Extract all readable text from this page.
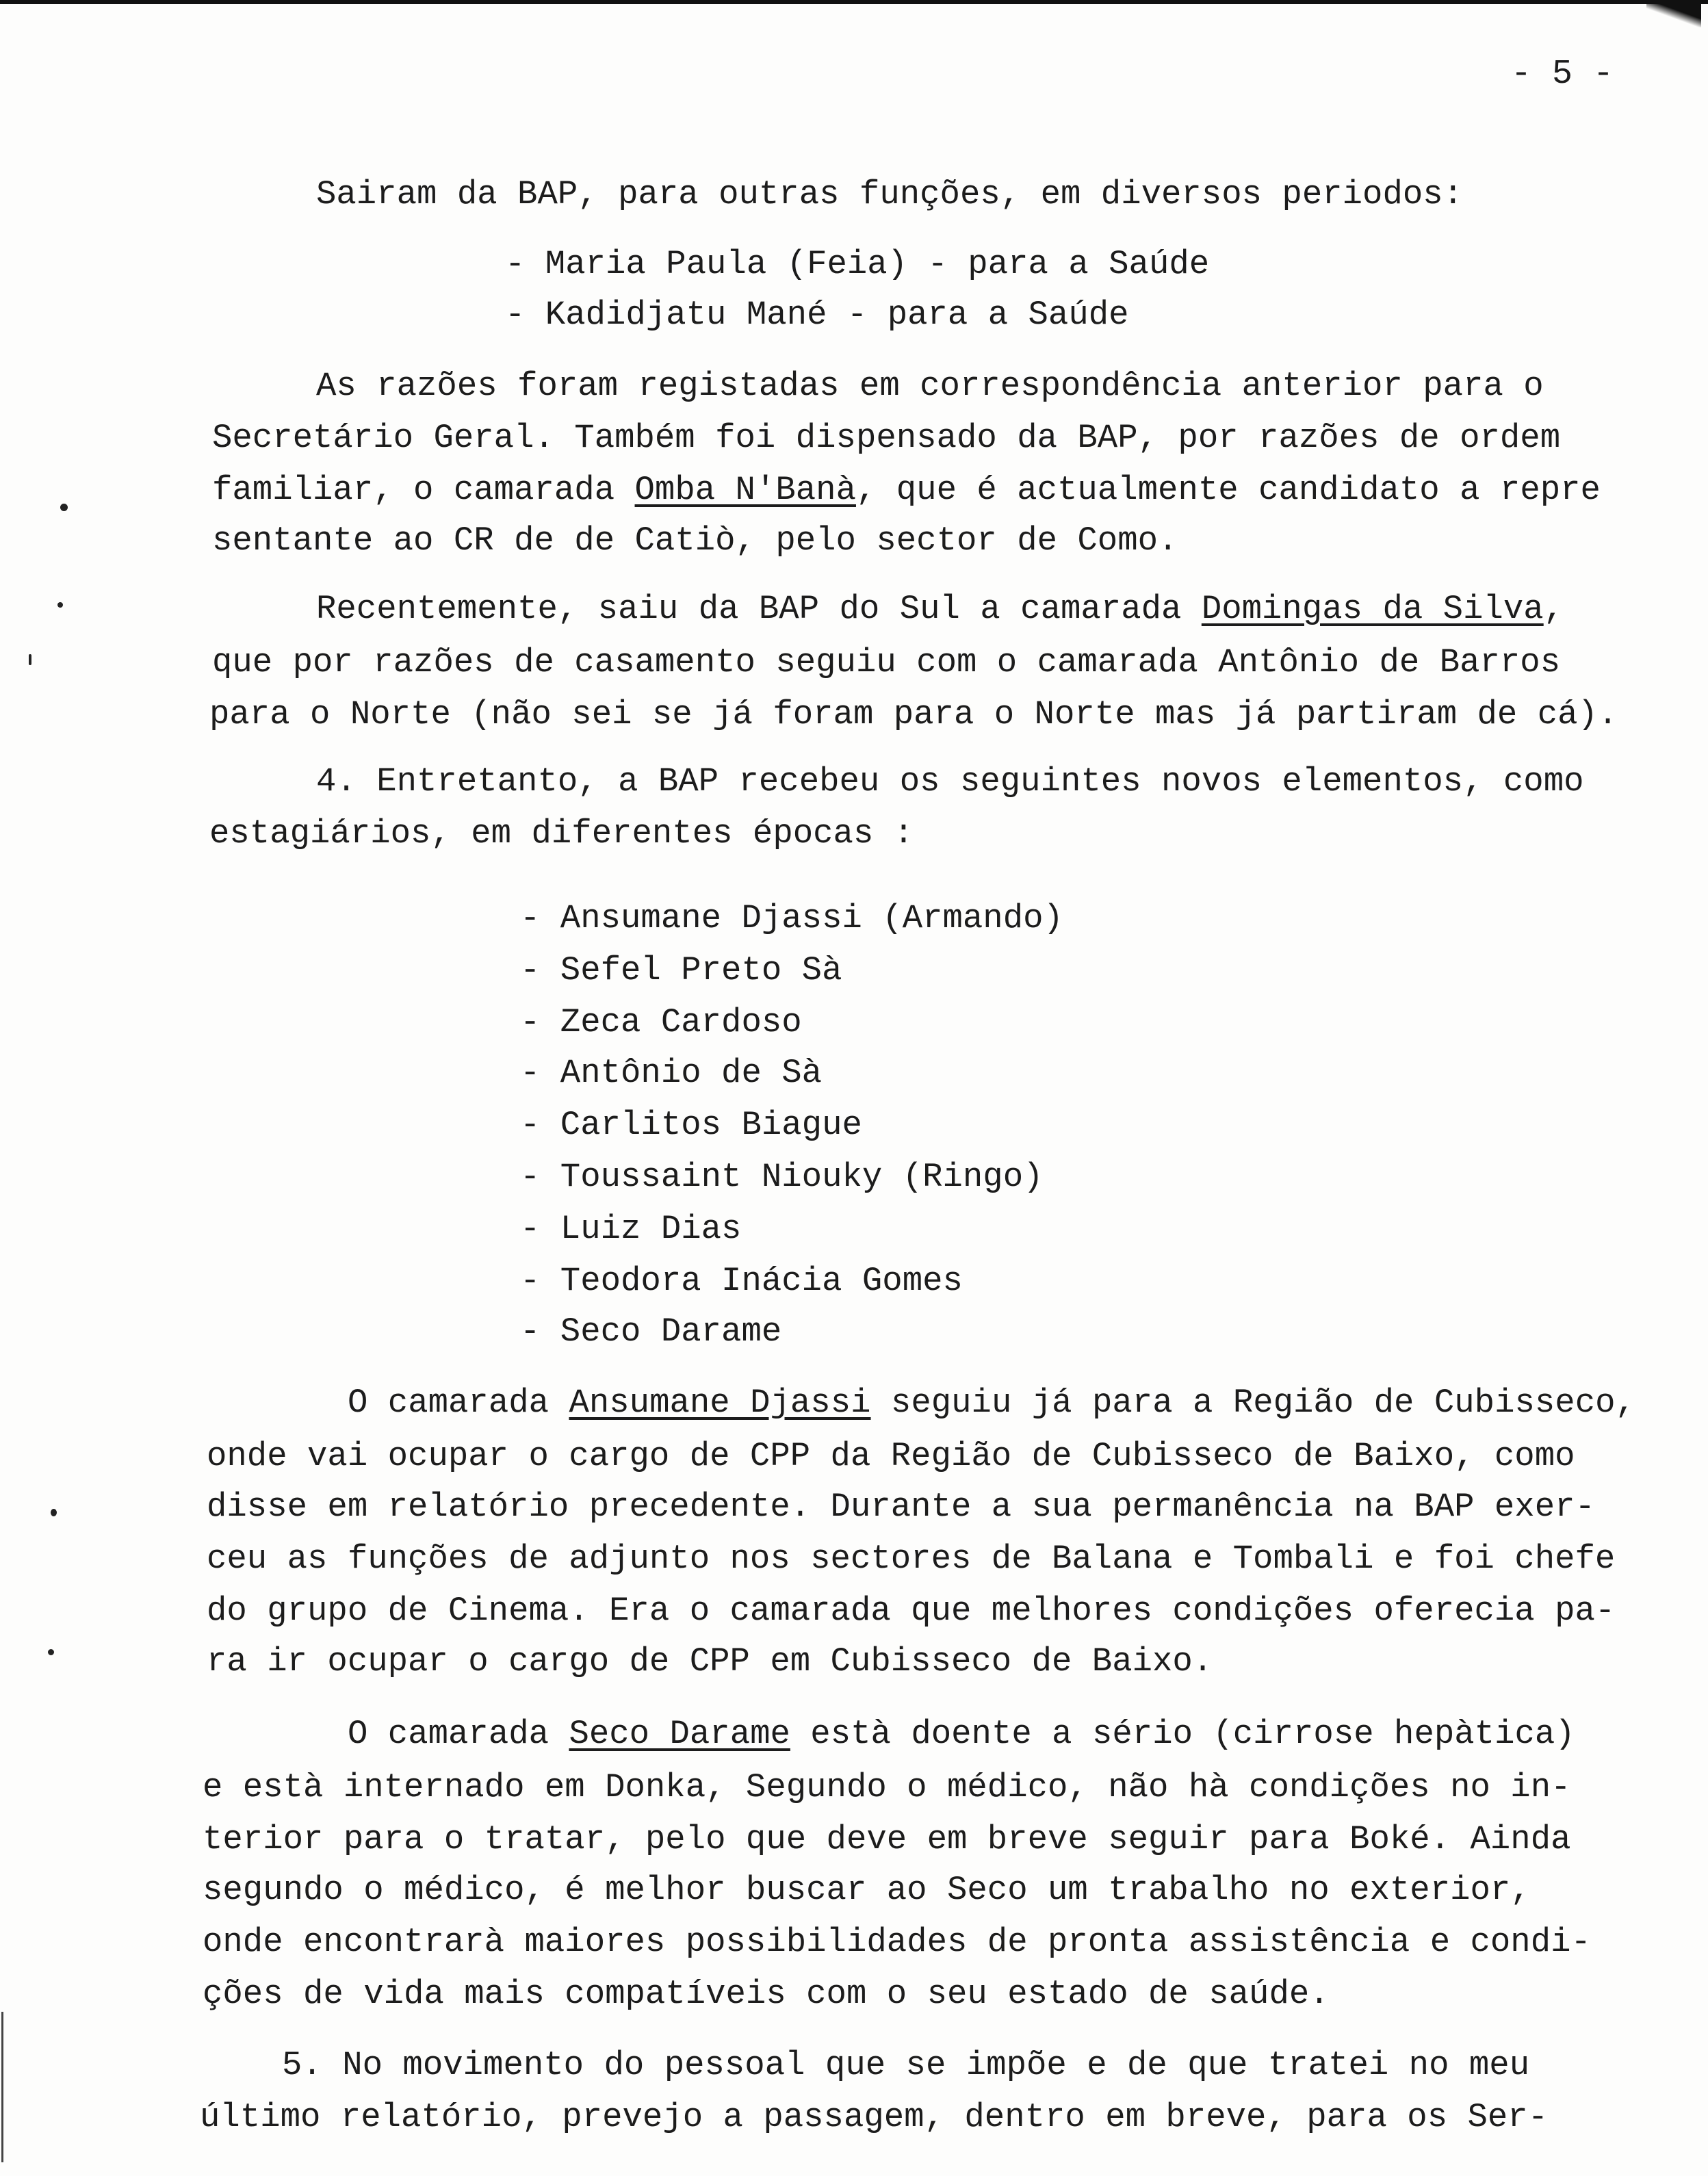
- 5 -
Sairam da BAP, para outras funções, em diversos periodos:
- Maria Paula (Feia) - para a Saúde
- Kadidjatu Mané - para a Saúde
As razões foram registadas em correspondência anterior para o
Secretário Geral. Também foi dispensado da BAP, por razões de ordem
familiar, o camarada Omba N'Banà, que é actualmente candidato a repre
sentante ao CR de de Catiò, pelo sector de Como.
Recentemente, saiu da BAP do Sul a camarada Domingas da Silva,
que por razões de casamento seguiu com o camarada Antônio de Barros
para o Norte (não sei se já foram para o Norte mas já partiram de cá).
4. Entretanto, a BAP recebeu os seguintes novos elementos, como
estagiários, em diferentes épocas :
- Ansumane Djassi (Armando)
- Sefel Preto Sà
- Zeca Cardoso
- Antônio de Sà
- Carlitos Biague
- Toussaint Niouky (Ringo)
- Luiz Dias
- Teodora Inácia Gomes
- Seco Darame
O camarada Ansumane Djassi seguiu já para a Região de Cubisseco,
onde vai ocupar o cargo de CPP da Região de Cubisseco de Baixo, como
disse em relatório precedente. Durante a sua permanência na BAP exer-
ceu as funções de adjunto nos sectores de Balana e Tombali e foi chefe
do grupo de Cinema. Era o camarada que melhores condições oferecia pa-
ra ir ocupar o cargo de CPP em Cubisseco de Baixo.
O camarada Seco Darame està doente a sério (cirrose hepàtica)
e està internado em Donka, Segundo o médico, não hà condições no in-
terior para o tratar, pelo que deve em breve seguir para Boké. Ainda
segundo o médico, é melhor buscar ao Seco um trabalho no exterior,
onde encontrarà maiores possibilidades de pronta assistência e condi-
ções de vida mais compatíveis com o seu estado de saúde.
5. No movimento do pessoal que se impõe e de que tratei no meu
último relatório, prevejo a passagem, dentro em breve, para os Ser-
